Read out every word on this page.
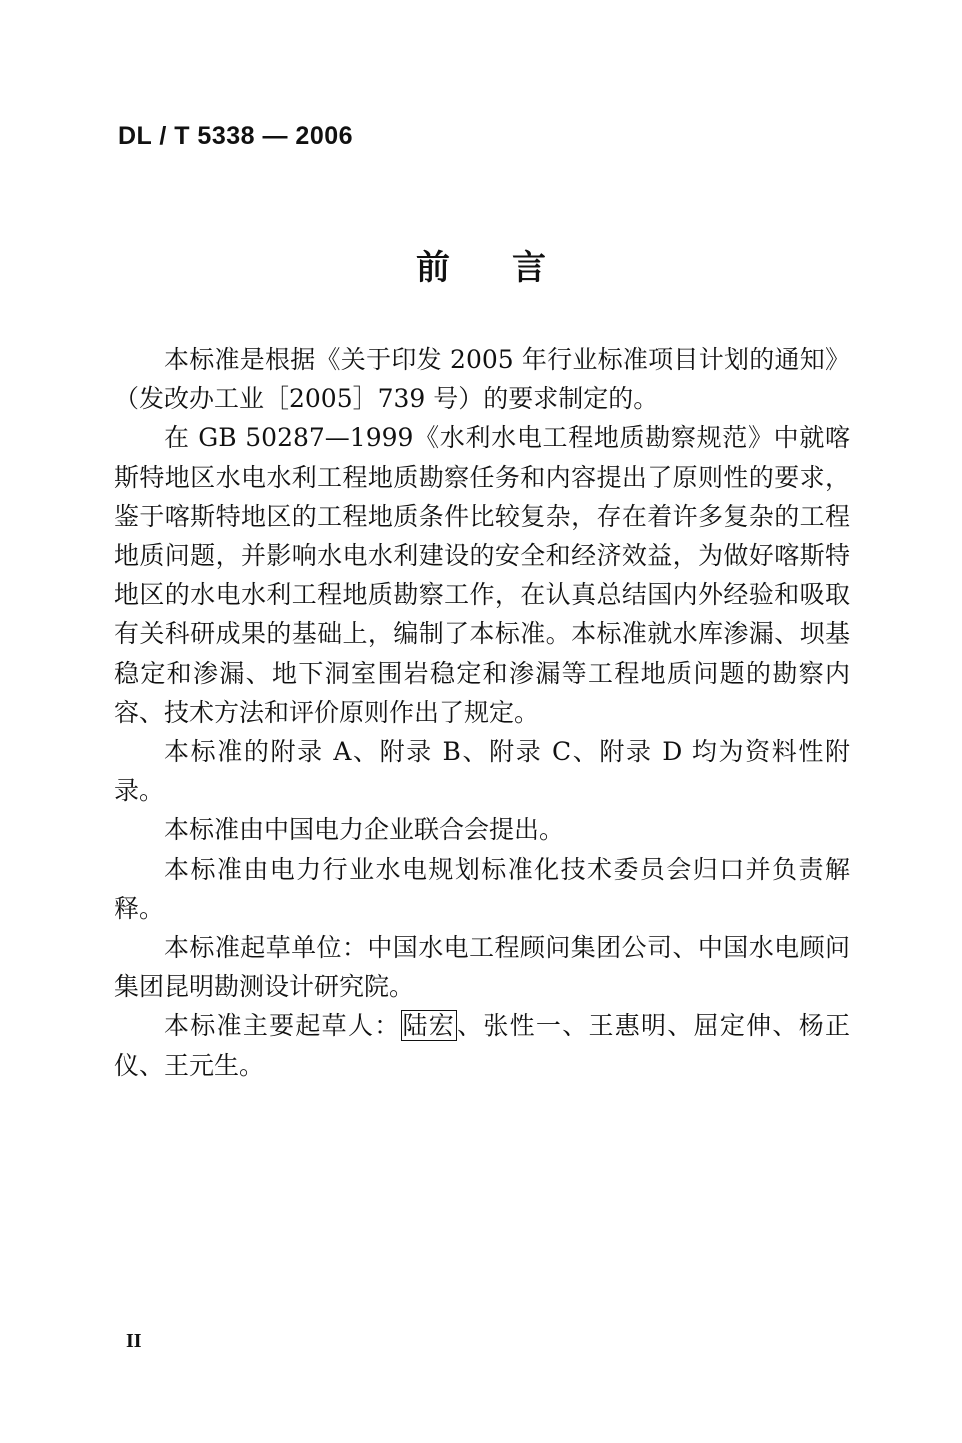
DL / T 5338 — 2006
前言

本标准是根据《关于印发 2005 年行业标准项目计划的通知》（发改办工业［2005］739 号）的要求制定的。

在 GB 50287—1999《水利水电工程地质勘察规范》中就喀斯特地区水电水利工程地质勘察任务和内容提出了原则性的要求，鉴于喀斯特地区的工程地质条件比较复杂，存在着许多复杂的工程地质问题，并影响水电水利建设的安全和经济效益，为做好喀斯特地区的水电水利工程地质勘察工作，在认真总结国内外经验和吸取有关科研成果的基础上，编制了本标准。本标准就水库渗漏、坝基稳定和渗漏、地下洞室围岩稳定和渗漏等工程地质问题的勘察内容、技术方法和评价原则作出了规定。

本标准的附录 A、附录 B、附录 C、附录 D 均为资料性附录。

本标准由中国电力企业联合会提出。

本标准由电力行业水电规划标准化技术委员会归口并负责解释。

本标准起草单位：中国水电工程顾问集团公司、中国水电顾问集团昆明勘测设计研究院。

本标准主要起草人：陆宏、张性一、王惠明、屈定伸、杨正仪、王元生。

II
